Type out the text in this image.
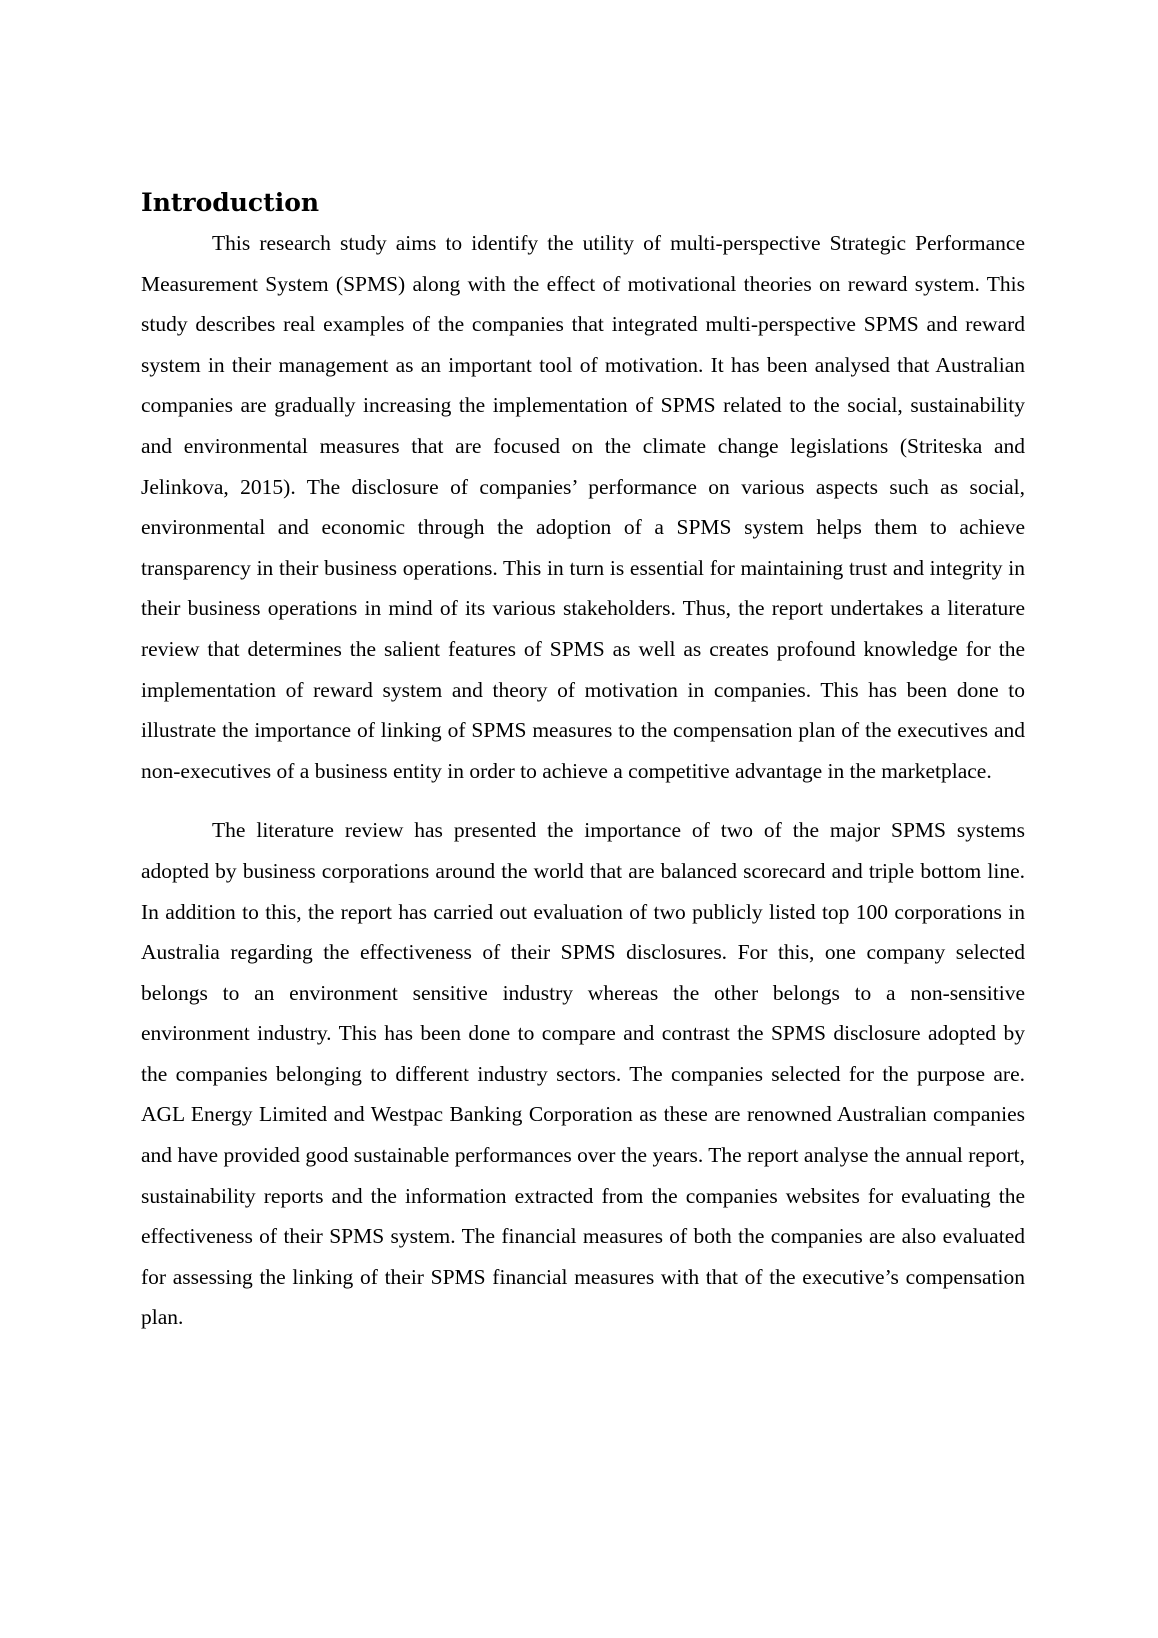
Introduction

This research study aims to identify the utility of multi-perspective Strategic Performance Measurement System (SPMS) along with the effect of motivational theories on reward system. This study describes real examples of the companies that integrated multi-perspective SPMS and reward system in their management as an important tool of motivation. It has been analysed that Australian companies are gradually increasing the implementation of SPMS related to the social, sustainability and environmental measures that are focused on the climate change legislations (Striteska and Jelinkova, 2015). The disclosure of companies’ performance on various aspects such as social, environmental and economic through the adoption of a SPMS system helps them to achieve transparency in their business operations. This in turn is essential for maintaining trust and integrity in their business operations in mind of its various stakeholders. Thus, the report undertakes a literature review that determines the salient features of SPMS as well as creates profound knowledge for the implementation of reward system and theory of motivation in companies. This has been done to illustrate the importance of linking of SPMS measures to the compensation plan of the executives and non-executives of a business entity in order to achieve a competitive advantage in the marketplace.

The literature review has presented the importance of two of the major SPMS systems adopted by business corporations around the world that are balanced scorecard and triple bottom line. In addition to this, the report has carried out evaluation of two publicly listed top 100 corporations in Australia regarding the effectiveness of their SPMS disclosures. For this, one company selected belongs to an environment sensitive industry whereas the other belongs to a non-sensitive environment industry. This has been done to compare and contrast the SPMS disclosure adopted by the companies belonging to different industry sectors. The companies selected for the purpose are. AGL Energy Limited and Westpac Banking Corporation as these are renowned Australian companies and have provided good sustainable performances over the years. The report analyse the annual report, sustainability reports and the information extracted from the companies websites for evaluating the effectiveness of their SPMS system. The financial measures of both the companies are also evaluated for assessing the linking of their SPMS financial measures with that of the executive’s compensation plan.
